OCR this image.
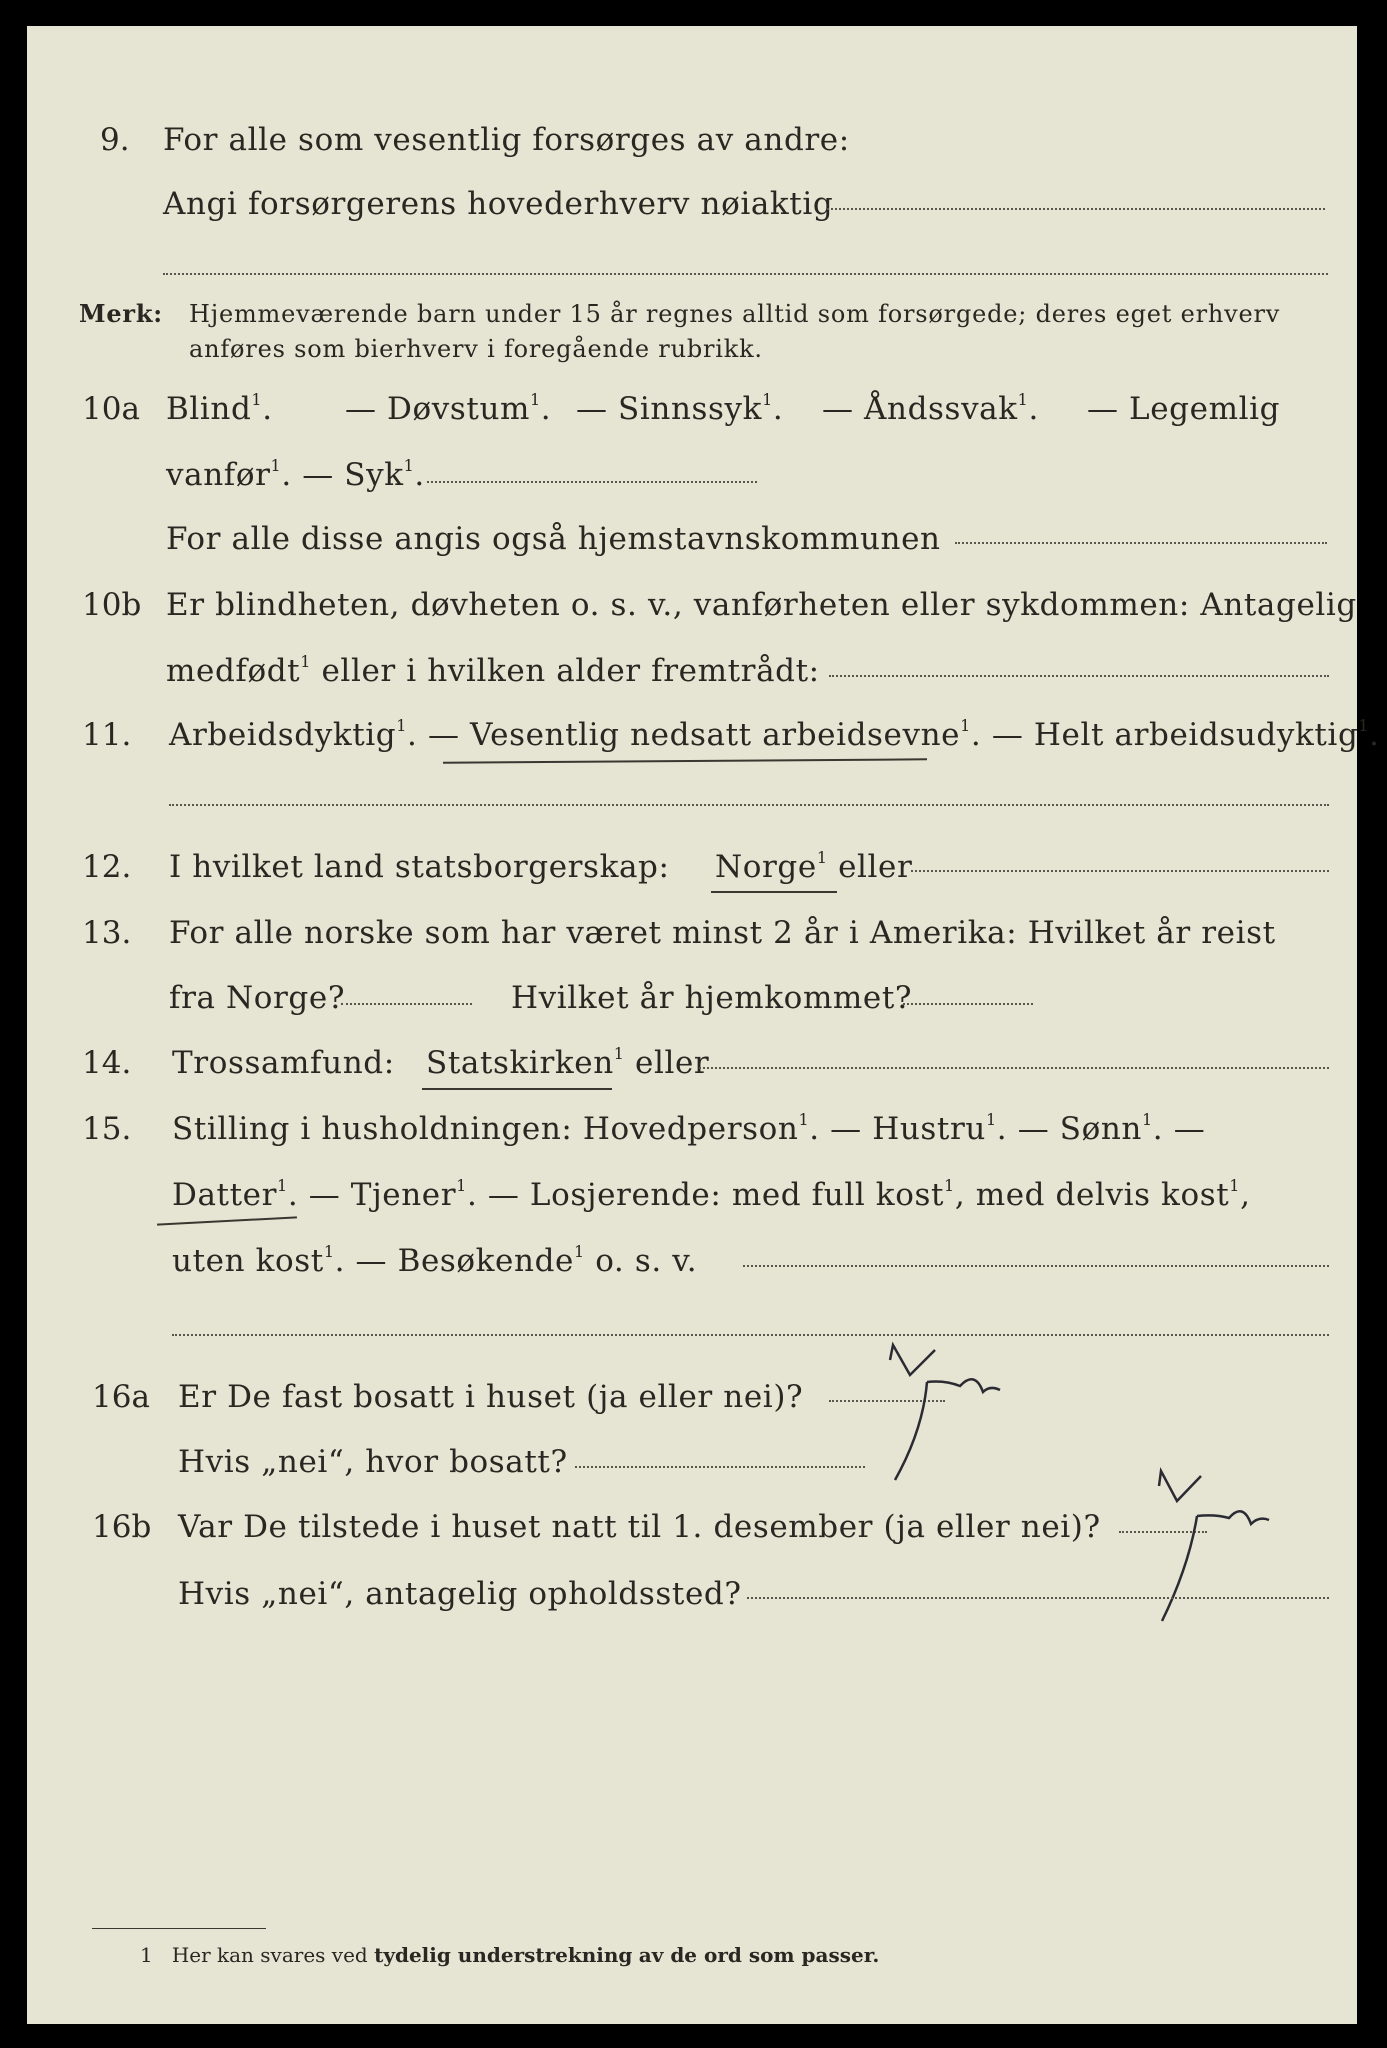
9. For alle som vesentlig forsørges av andre:
Angi forsørgerens hovederhverv nøiaktig
Merk: Hjemmeværende barn under 15 år regnes alltid som forsørgede; deres eget erhverv
anføres som bierhverv i foregående rubrikk.
10a Blind$^1$. — Døvstum$^1$. — Sinnssyk$^1$. — Åndssvak$^1$. — Legemlig
vanfør$^1$. — Syk$^1$.
For alle disse angis også hjemstavnskommunen
10b Er blindheten, døvheten o. s. v., vanførheten eller sykdommen: Antagelig
medfødt$^1$ eller i hvilken alder fremtrådt:
11. Arbeidsdyktig$^1$. — Vesentlig nedsatt arbeidsevne$^1$. — Helt arbeidsudyktig$^1$.
12. I hvilket land statsborgerskap: Norge$^1$ eller
13. For alle norske som har været minst 2 år i Amerika: Hvilket år reist
fra Norge?	Hvilket år hjemkommet?
14. Trossamfund: Statskirken$^1$ eller
15. Stilling i husholdningen: Hovedperson$^1$. — Hustru$^1$. — Sønn$^1$. —
Datter$^1$. — Tjener$^1$. — Losjerende: med full kost$^1$, med delvis kost$^1$,
uten kost$^1$. — Besøkende$^1$ o. s. v.
16a Er De fast bosatt i huset (ja eller nei)?
Hvis „nei“, hvor bosatt?
16b Var De tilstede i huset natt til 1. desember (ja eller nei)?
Hvis „nei“, antagelig opholdssted?
1 Her kan svares ved tydelig understrekning av de ord som passer.
